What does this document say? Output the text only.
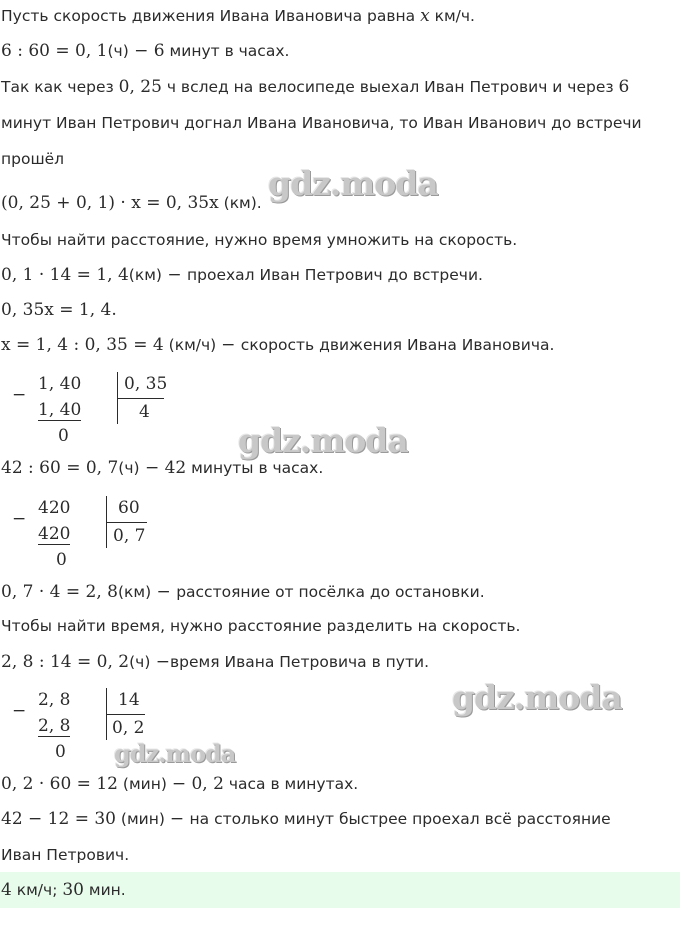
Пусть скорость движения Ивана Ивановича равна x км/ч.
6 : 60 = 0, 1(ч) − 6 минут в часах.
Так как через 0, 25 ч вслед на велосипеде выехал Иван Петрович и через 6
минут Иван Петрович догнал Ивана Ивановича, то Иван Иванович до встречи
прошёл
(0, 25 + 0, 1) · x = 0, 35x (км).
Чтобы найти расстояние, нужно время умножить на скорость.
0, 1 · 14 = 1, 4(км) − проехал Иван Петрович до встречи.
0, 35x = 1, 4.
x = 1, 4 : 0, 35 = 4 (км/ч) − скорость движения Ивана Ивановича.
−
1, 40
1, 40
0
0, 35
4
42 : 60 = 0, 7(ч) − 42 минуты в часах.
−
420
420
0
60
0, 7
0, 7 · 4 = 2, 8(км) − расстояние от посёлка до остановки.
Чтобы найти время, нужно расстояние разделить на скорость.
2, 8 : 14 = 0, 2(ч) −время Ивана Петровича в пути.
−
2, 8
2, 8
0
14
0, 2
0, 2 · 60 = 12 (мин) − 0, 2 часа в минутах.
42 − 12 = 30 (мин) − на столько минут быстрее проехал всё расстояние
Иван Петрович.
4 км/ч; 30 мин.
gdz.moda
gdz.moda
gdz.moda
gdz.moda
